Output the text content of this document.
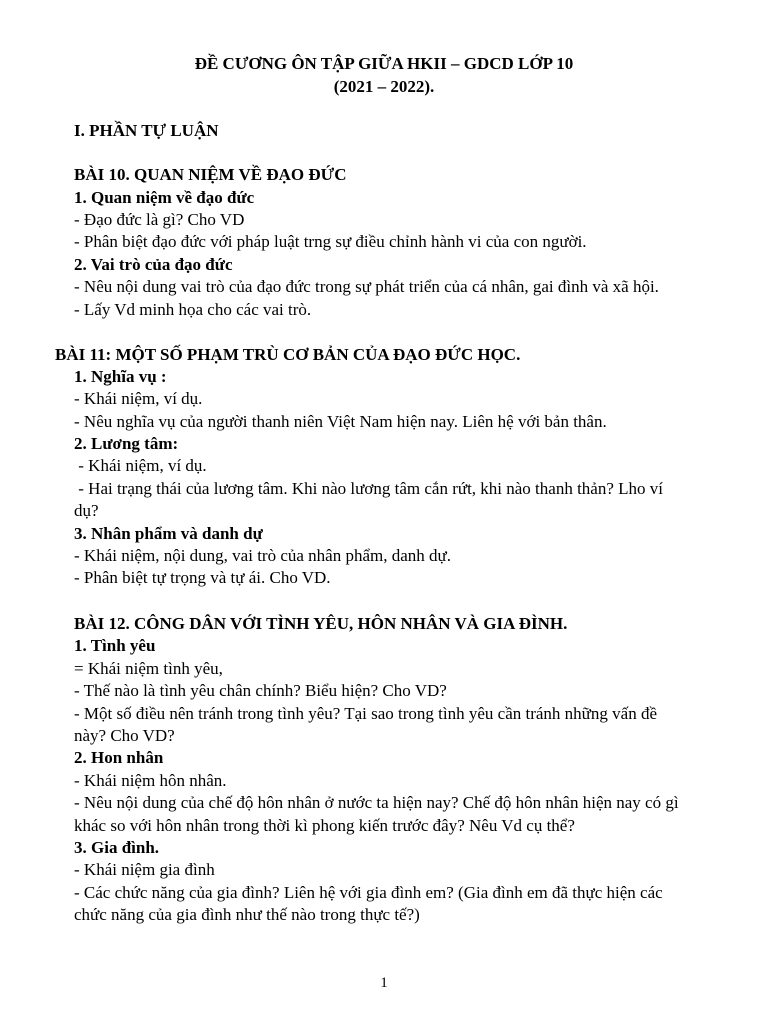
ĐỀ CƯƠNG ÔN TẬP GIỮA HKII – GDCD LỚP 10
(2021 – 2022).
I. PHẦN TỰ LUẬN
BÀI 10. QUAN NIỆM VỀ ĐẠO ĐỨC
1. Quan niệm về đạo đức
- Đạo đức là gì? Cho VD
- Phân biệt đạo đức với pháp luật trng sự điều chỉnh hành vi của con người.
2. Vai trò của đạo đức
- Nêu nội dung vai trò của đạo đức trong sự phát triển của cá nhân, gai đình và xã hội.
- Lấy Vd minh họa cho các vai trò.
BÀI 11: MỘT SỐ PHẠM TRÙ CƠ BẢN CỦA ĐẠO ĐỨC HỌC.
1. Nghĩa vụ :
- Khái niệm, ví dụ.
- Nêu nghĩa vụ của người thanh niên Việt Nam hiện nay. Liên hệ với bản thân.
2. Lương tâm:
- Khái niệm, ví dụ.
- Hai trạng thái của lương tâm. Khi nào lương tâm cắn rứt, khi nào thanh thản? Lho ví
dụ?
3. Nhân phẩm và danh dự
- Khái niệm, nội dung, vai trò của nhân phẩm, danh dự.
- Phân biệt tự trọng và tự ái. Cho VD.
BÀI 12. CÔNG DÂN VỚI TÌNH YÊU, HÔN NHÂN VÀ GIA ĐÌNH.
1. Tình yêu
= Khái niệm tình yêu,
- Thế nào là tình yêu chân chính? Biểu hiện? Cho VD?
- Một số điều nên tránh trong tình yêu? Tại sao trong tình yêu cần tránh những vấn đề
này? Cho VD?
2. Hon nhân
- Khái niệm hôn nhân.
- Nêu nội dung của chế độ hôn nhân ở nước ta hiện nay? Chế độ hôn nhân hiện nay có gì
khác so với hôn nhân trong thời kì phong kiến trước đây? Nêu Vd cụ thể?
3. Gia đình.
- Khái niệm gia đình
- Các chức năng của gia đình? Liên hệ với gia đình em? (Gia đình em đã thực hiện các
chức năng của gia đình như thế nào trong thực tế?)
1
